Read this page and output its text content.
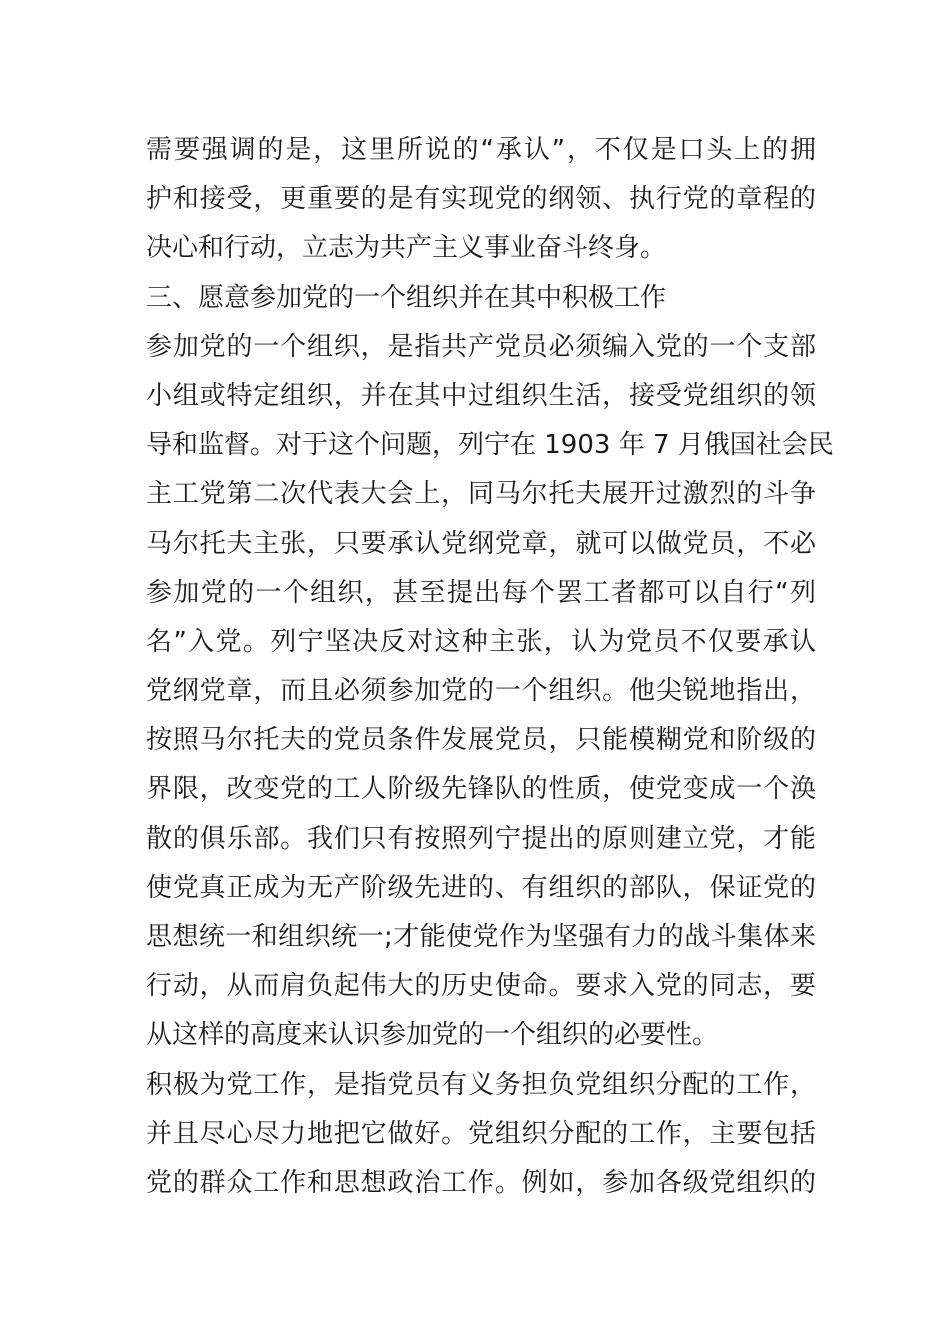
需要强调的是，这里所说的“承认”，不仅是口头上的拥
护和接受，更重要的是有实现党的纲领、执行党的章程的
决心和行动，立志为共产主义事业奋斗终身。
三、愿意参加党的一个组织并在其中积极工作
参加党的一个组织，是指共产党员必须编入党的一个支部
小组或特定组织，并在其中过组织生活，接受党组织的领
导和监督。对于这个问题，列宁在 1903 年 7 月俄国社会民
主工党第二次代表大会上，同马尔托夫展开过激烈的斗争
马尔托夫主张，只要承认党纲党章，就可以做党员，不必
参加党的一个组织，甚至提出每个罢工者都可以自行“列
名”入党。列宁坚决反对这种主张，认为党员不仅要承认
党纲党章，而且必须参加党的一个组织。他尖锐地指出，
按照马尔托夫的党员条件发展党员，只能模糊党和阶级的
界限，改变党的工人阶级先锋队的性质，使党变成一个涣
散的俱乐部。我们只有按照列宁提出的原则建立党，才能
使党真正成为无产阶级先进的、有组织的部队，保证党的
思想统一和组织统一;才能使党作为坚强有力的战斗集体来
行动，从而肩负起伟大的历史使命。要求入党的同志，要
从这样的高度来认识参加党的一个组织的必要性。
积极为党工作，是指党员有义务担负党组织分配的工作，
并且尽心尽力地把它做好。党组织分配的工作，主要包括
党的群众工作和思想政治工作。例如，参加各级党组织的
